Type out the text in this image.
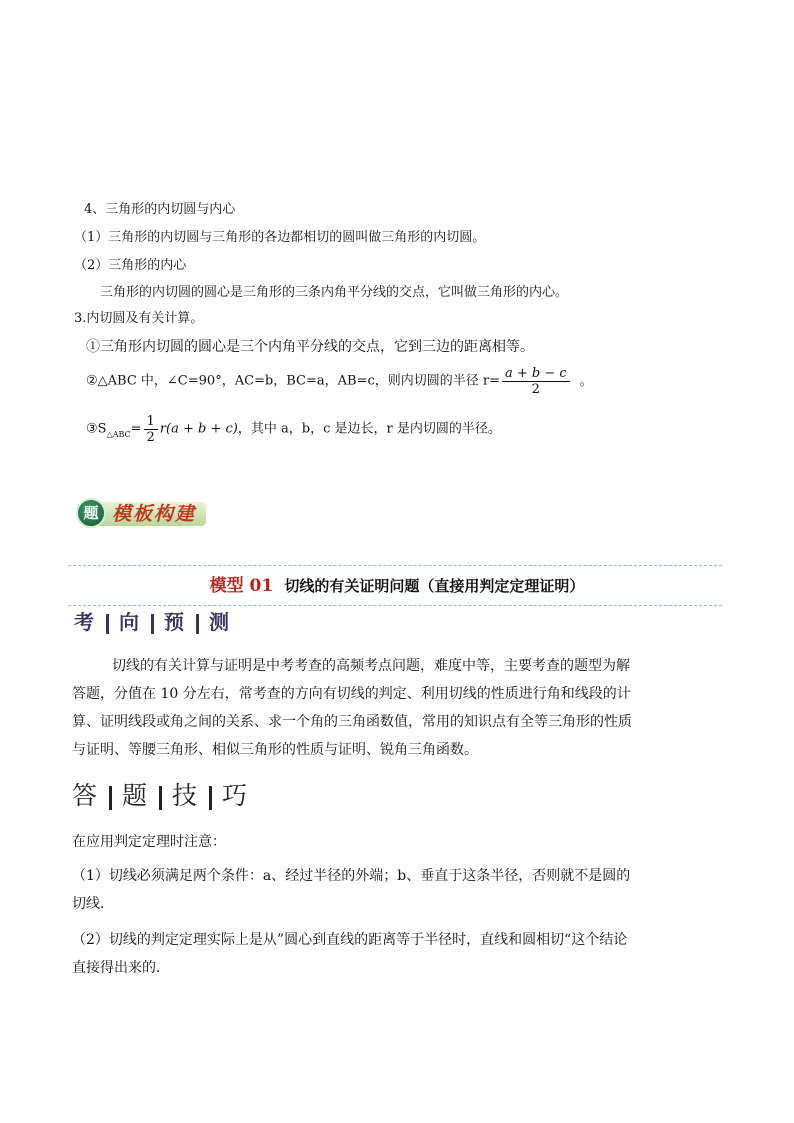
4、三角形的内切圆与内心
（1）三角形的内切圆与三角形的各边都相切的圆叫做三角形的内切圆。
（2）三角形的内心
三角形的内切圆的圆心是三角形的三条内角平分线的交点，它叫做三角形的内心。
3.内切圆及有关计算。
①三角形内切圆的圆心是三个内角平分线的交点，它到三边的距离相等。
②△ABC 中，∠C=90°，AC=b，BC=a，AB=c，则内切圆的半径 $r= \frac{a + b - c}{2}$ 。
$③S_{\triangle ABC}= \frac{1}{2} r(a + b + c)$，其中 a，b，c 是边长，r 是内切圆的半径。
题 模板构建
模型 01 切线的有关证明问题（直接用判定定理证明）
考 向 预 测
切线的有关计算与证明是中考考查的高频考点问题，难度中等，主要考查的题型为解答题，分值在 10 分左右，常考查的方向有切线的判定、利用切线的性质进行角和线段的计算、证明线段或角之间的关系、求一个角的三角函数值，常用的知识点有全等三角形的性质与证明、等腰三角形、相似三角形的性质与证明、锐角三角函数。
答 题 技 巧
在应用判定定理时注意：
（1）切线必须满足两个条件：a、经过半径的外端；b、垂直于这条半径，否则就不是圆的切线．
（2）切线的判定定理实际上是从”圆心到直线的距离等于半径时，直线和圆相切“这个结论直接得出来的．
